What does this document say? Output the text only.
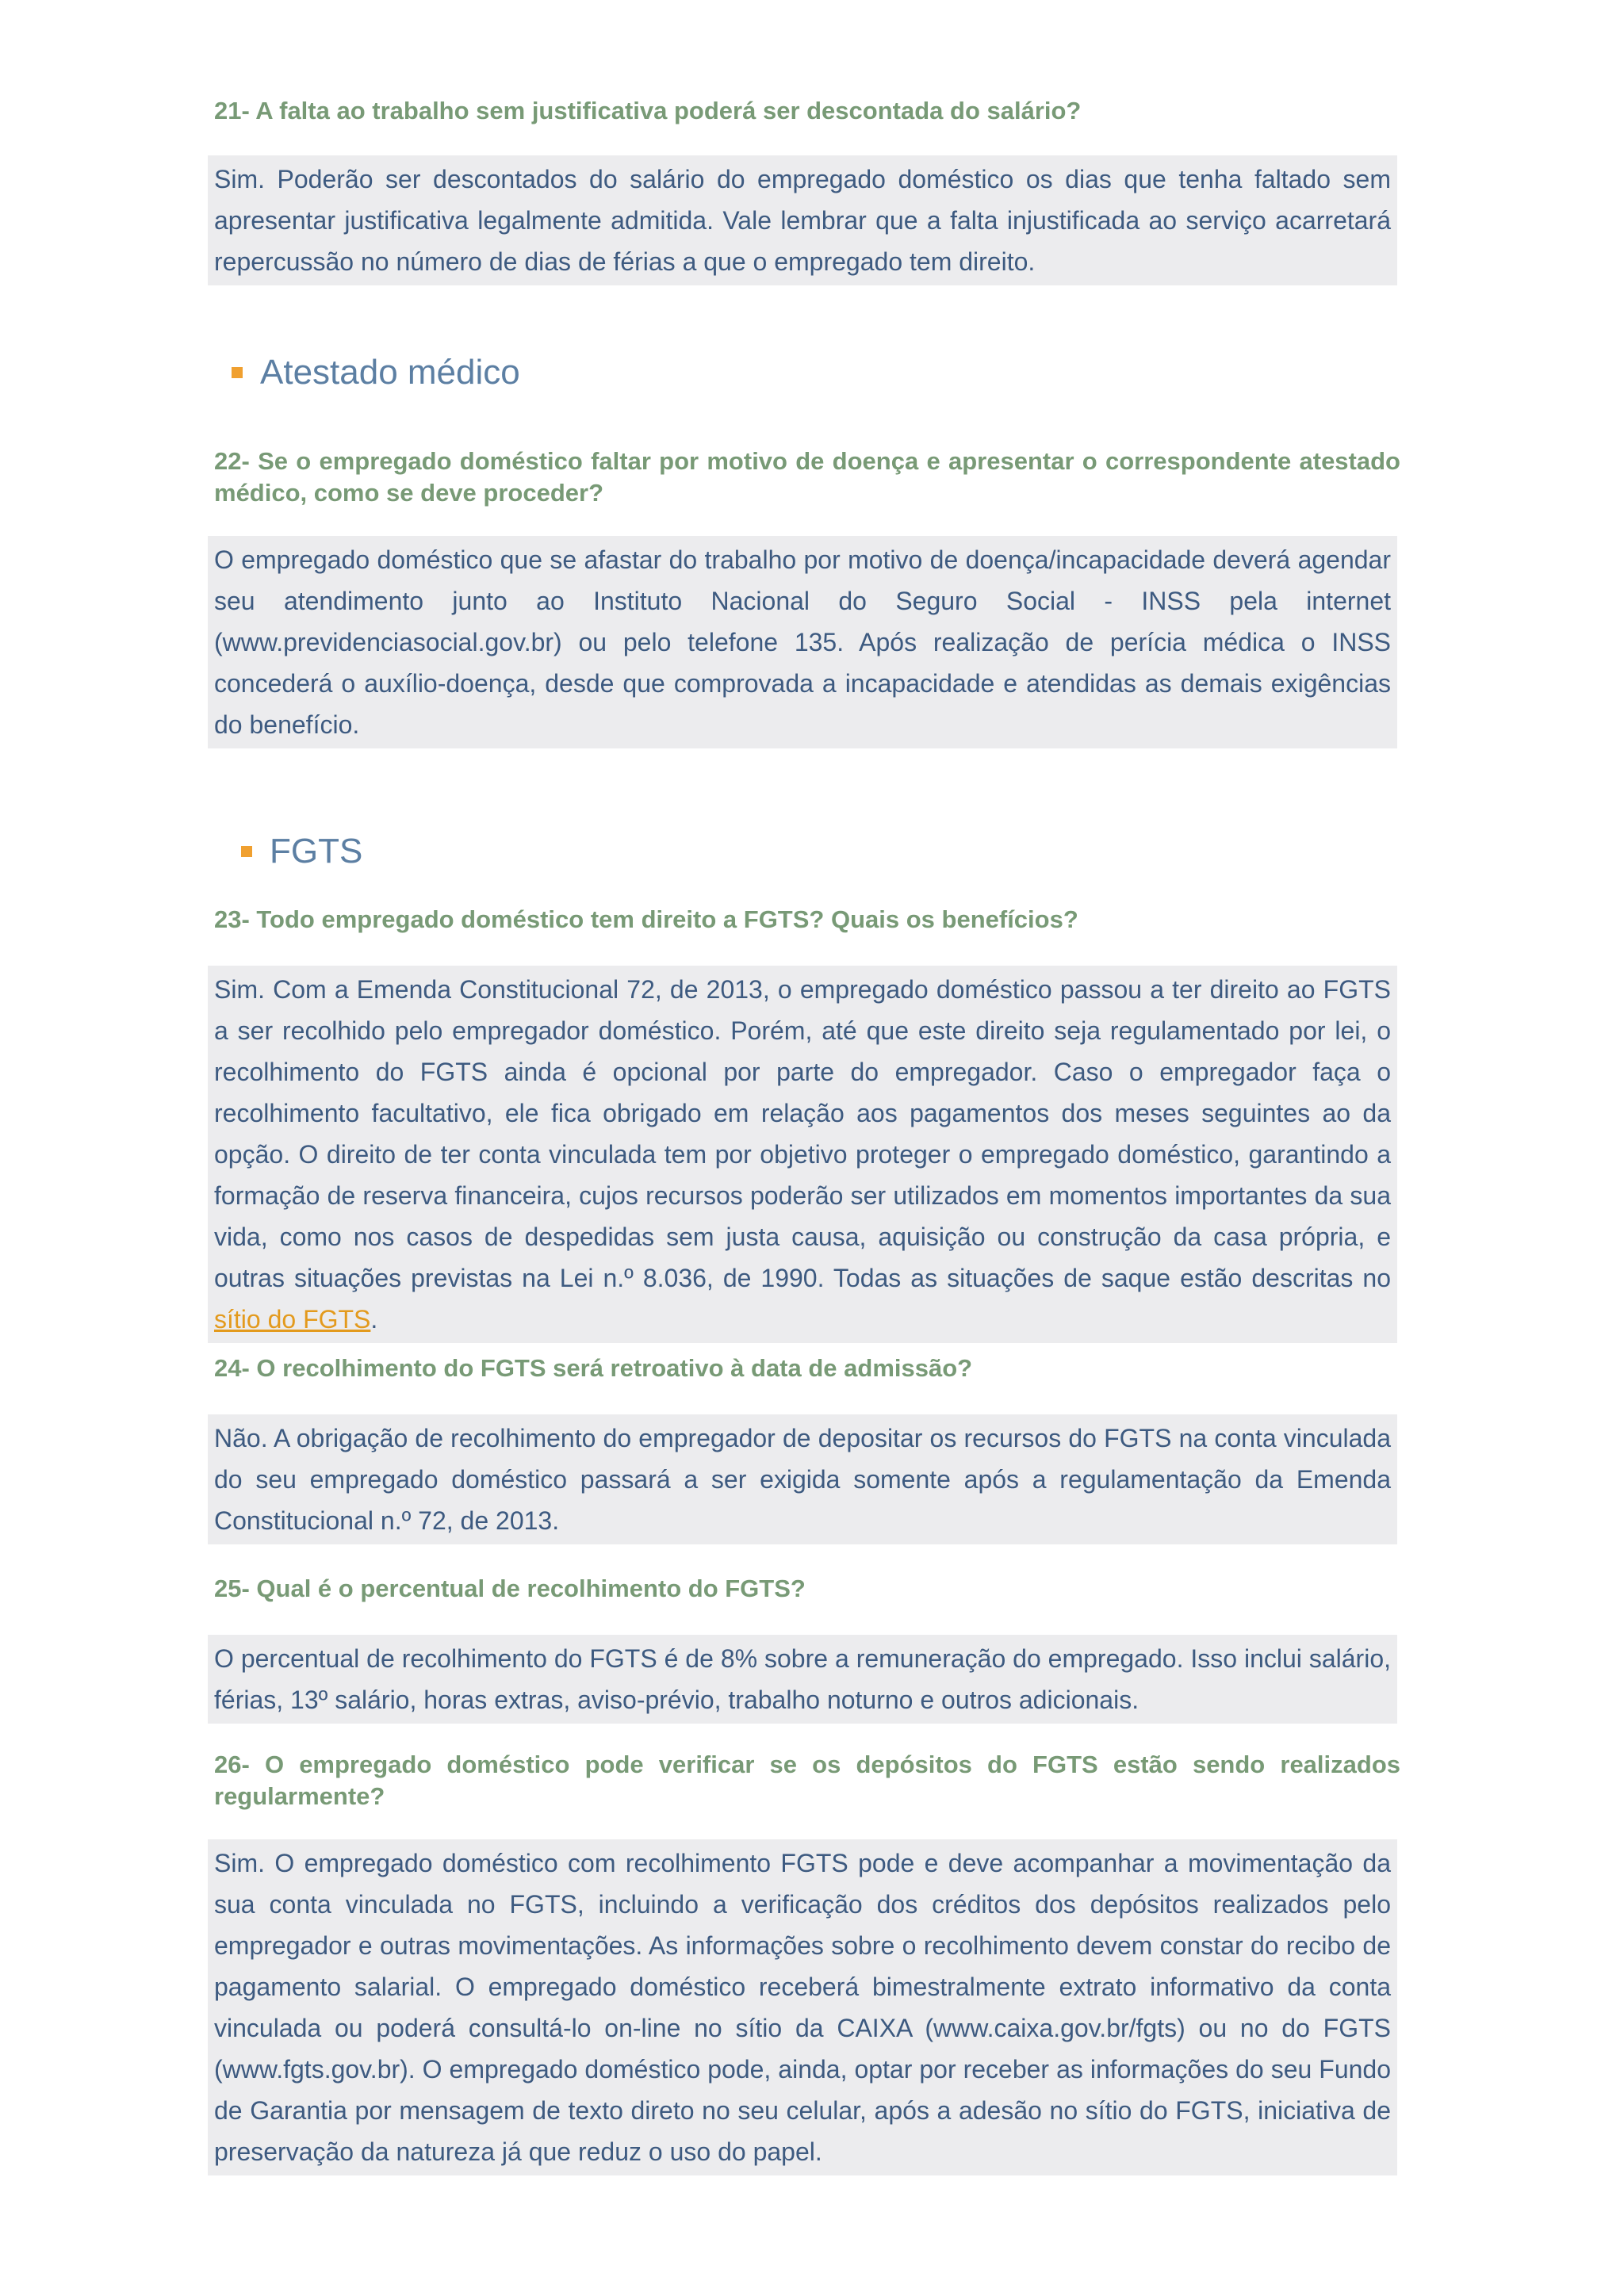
21- A falta ao trabalho sem justificativa poderá ser descontada do salário?

Sim. Poderão ser descontados do salário do empregado doméstico os dias que tenha faltado sem apresentar justificativa legalmente admitida. Vale lembrar que a falta injustificada ao serviço acarretará repercussão no número de dias de férias a que o empregado tem direito.

Atestado médico

22- Se o empregado doméstico faltar por motivo de doença e apresentar o correspondente atestado médico, como se deve proceder?

O empregado doméstico que se afastar do trabalho por motivo de doença/incapacidade deverá agendar seu atendimento junto ao Instituto Nacional do Seguro Social - INSS pela internet (www.previdenciasocial.gov.br) ou pelo telefone 135. Após realização de perícia médica o INSS concederá o auxílio-doença, desde que comprovada a incapacidade e atendidas as demais exigências do benefício.

FGTS

23- Todo empregado doméstico tem direito a FGTS? Quais os benefícios?

Sim. Com a Emenda Constitucional 72, de 2013, o empregado doméstico passou a ter direito ao FGTS a ser recolhido pelo empregador doméstico. Porém, até que este direito seja regulamentado por lei, o recolhimento do FGTS ainda é opcional por parte do empregador. Caso o empregador faça o recolhimento facultativo, ele fica obrigado em relação aos pagamentos dos meses seguintes ao da opção. O direito de ter conta vinculada tem por objetivo proteger o empregado doméstico, garantindo a formação de reserva financeira, cujos recursos poderão ser utilizados em momentos importantes da sua vida, como nos casos de despedidas sem justa causa, aquisição ou construção da casa própria, e outras situações previstas na Lei n.º 8.036, de 1990. Todas as situações de saque estão descritas no sítio do FGTS.

24- O recolhimento do FGTS será retroativo à data de admissão?

Não. A obrigação de recolhimento do empregador de depositar os recursos do FGTS na conta vinculada do seu empregado doméstico passará a ser exigida somente após a regulamentação da Emenda Constitucional n.º 72, de 2013.

25- Qual é o percentual de recolhimento do FGTS?

O percentual de recolhimento do FGTS é de 8% sobre a remuneração do empregado. Isso inclui salário, férias, 13º salário, horas extras, aviso-prévio, trabalho noturno e outros adicionais.

26- O empregado doméstico pode verificar se os depósitos do FGTS estão sendo realizados regularmente?

Sim. O empregado doméstico com recolhimento FGTS pode e deve acompanhar a movimentação da sua conta vinculada no FGTS, incluindo a verificação dos créditos dos depósitos realizados pelo empregador e outras movimentações. As informações sobre o recolhimento devem constar do recibo de pagamento salarial. O empregado doméstico receberá bimestralmente extrato informativo da conta vinculada ou poderá consultá-lo on-line no sítio da CAIXA (www.caixa.gov.br/fgts) ou no do FGTS (www.fgts.gov.br). O empregado doméstico pode, ainda, optar por receber as informações do seu Fundo de Garantia por mensagem de texto direto no seu celular, após a adesão no sítio do FGTS, iniciativa de preservação da natureza já que reduz o uso do papel.
